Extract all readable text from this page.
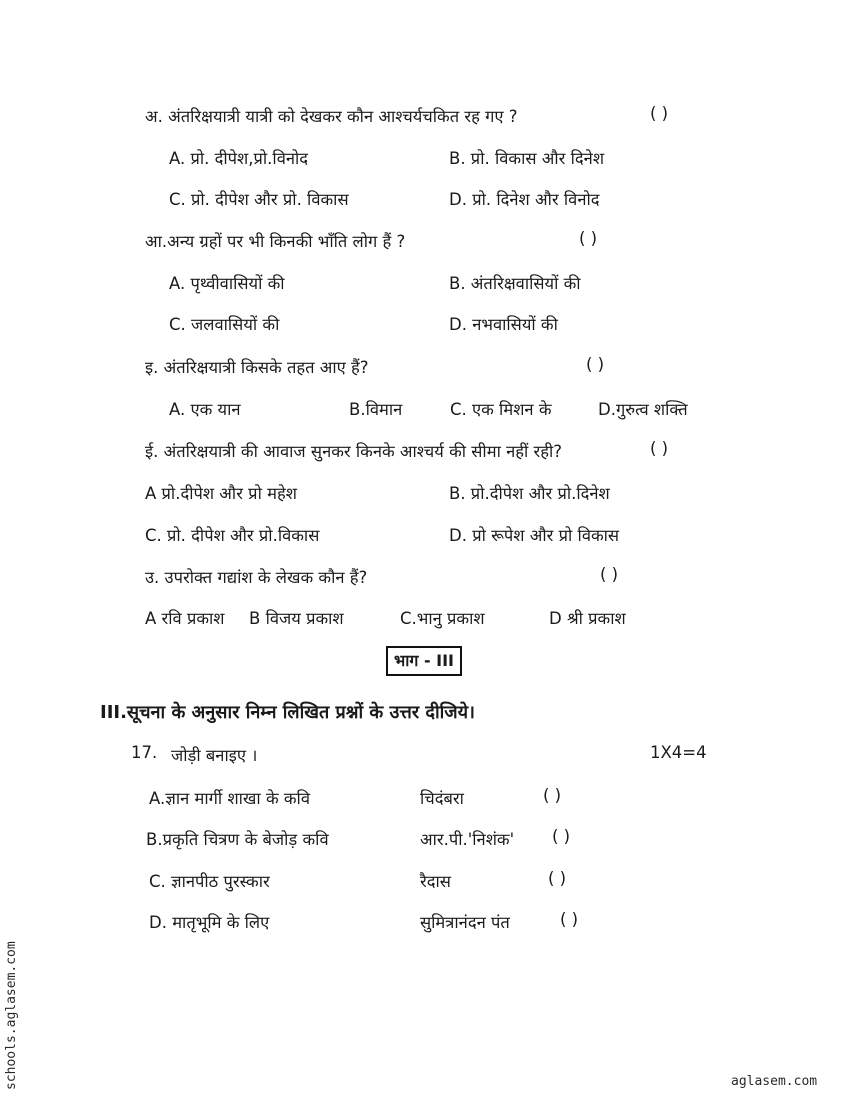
अ. अंतरिक्षयात्री यात्री को देखकर कौन आश्चर्यचकित रह गए ?	( )
A. प्रो. दीपेश,प्रो.विनोद	B. प्रो. विकास और दिनेश
C. प्रो. दीपेश और प्रो. विकास	D. प्रो. दिनेश और विनोद
आ.अन्य ग्रहों पर भी किनकी भाँति लोग हैं ?	( )
A. पृथ्वीवासियों की	B. अंतरिक्षवासियों की
C. जलवासियों की	D. नभवासियों की
इ. अंतरिक्षयात्री किसके तहत आए हैं?	( )
A. एक यान	B.विमान	C. एक मिशन के	D.गुरुत्व शक्ति
ई. अंतरिक्षयात्री की आवाज सुनकर किनके आश्चर्य की सीमा नहीं रही?	( )
A प्रो.दीपेश और प्रो महेश	B. प्रो.दीपेश और प्रो.दिनेश
C. प्रो. दीपेश और प्रो.विकास	D. प्रो रूपेश और प्रो विकास
उ. उपरोक्त गद्यांश के लेखक कौन हैं?	( )
A रवि प्रकाश B विजय प्रकाश	C.भानु प्रकाश	D श्री प्रकाश
भाग - III
III.सूचना के अनुसार निम्न लिखित प्रश्नों के उत्तर दीजिये।
17. जोड़ी बनाइए ।	1X4=4
A.ज्ञान मार्गी शाखा के कवि	चिदंबरा	( )
B.प्रकृति चित्रण के बेजोड़ कवि	आर.पी.'निशंक' ( )
C. ज्ञानपीठ पुरस्कार	रैदास	( )
D. मातृभूमि के लिए	सुमित्रानंदन पंत	( )
schools.aglasem.com	aglasem.com
